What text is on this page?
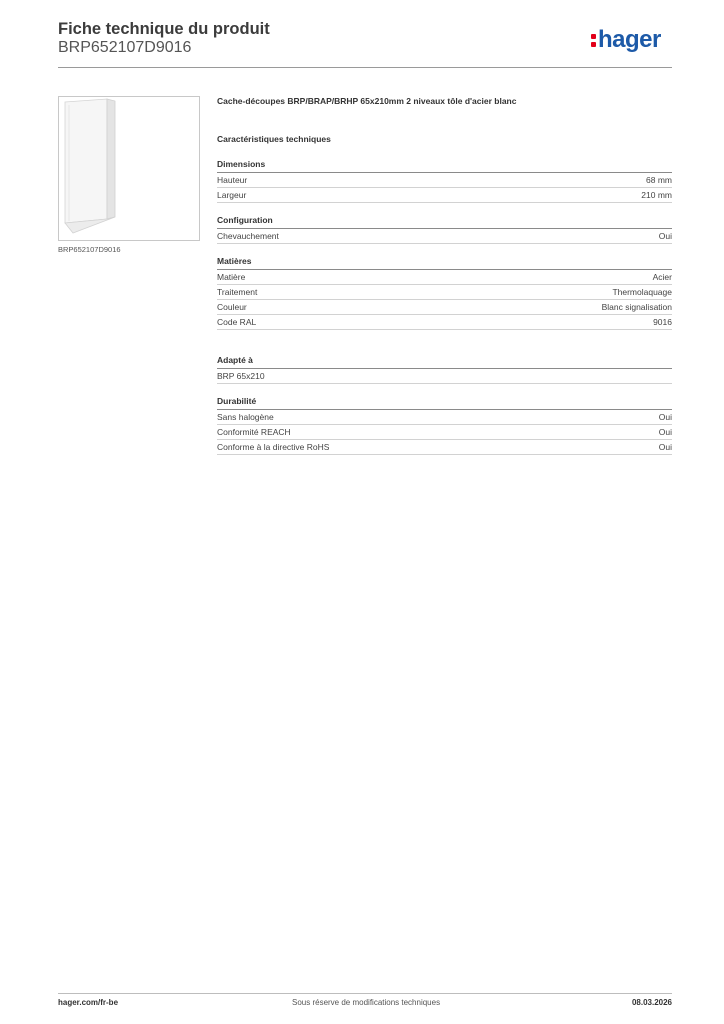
Fiche technique du produit
BRP652107D9016	hager
BRP652107D9016
Cache-découpes BRP/BRAP/BRHP 65x210mm 2 niveaux tôle d'acier blanc
Caractéristiques techniques
Dimensions
Hauteur	68 mm
Largeur	210 mm
Configuration
Chevauchement	Oui
Matières
Matière	Acier
Traitement	Thermolaquage
Couleur	Blanc signalisation
Code RAL	9016
Adapté à
BRP 65x210
Durabilité
Sans halogène	Oui
Conformité REACH	Oui
Conforme à la directive RoHS	Oui
hager.com/fr-be	Sous réserve de modifications techniques	08.03.2026
